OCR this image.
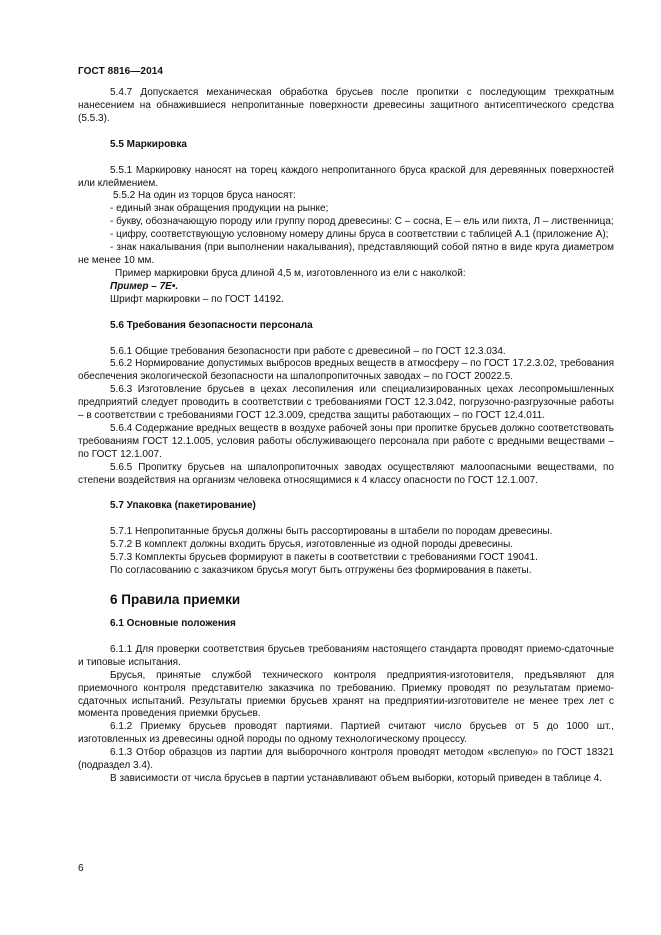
ГОСТ 8816—2014

5.4.7 Допускается механическая обработка брусьев после пропитки с последующим трехкратным нанесением на обнажившиеся непропитанные поверхности древесины защитного антисептического средства (5.5.3).

5.5 Маркировка

5.5.1 Маркировку наносят на торец каждого непропитанного бруса краской для деревянных поверхностей или клеймением.

5.5.2 На один из торцов бруса наносят:

- единый знак обращения продукции на рынке;

- букву, обозначающую породу или группу пород древесины: С – сосна, Е – ель или пихта, Л – лиственница;

- цифру, соответствующую условному номеру длины бруса в соответствии с таблицей А.1 (приложение А);

- знак накалывания (при выполнении накалывания), представляющий собой пятно в виде круга диаметром не менее 10 мм.

Пример маркировки бруса длиной 4,5 м, изготовленного из ели с наколкой:

Пример – 7Е•.

Шрифт маркировки – по ГОСТ 14192.

5.6 Требования безопасности персонала

5.6.1 Общие требования безопасности при работе с древесиной – по ГОСТ 12.3.034.

5.6.2 Нормирование допустимых выбросов вредных веществ в атмосферу – по ГОСТ 17.2.3.02, требования обеспечения экологической безопасности на шпалопропиточных заводах – по ГОСТ 20022.5.

5.6.3 Изготовление брусьев в цехах лесопиления или специализированных цехах лесопромышленных предприятий следует проводить в соответствии с требованиями ГОСТ 12.3.042, погрузочно-разгрузочные работы – в соответствии с требованиями ГОСТ 12.3.009, средства защиты работающих – по ГОСТ 12.4.011.

5.6.4 Содержание вредных веществ в воздухе рабочей зоны при пропитке брусьев должно соответствовать требованиям ГОСТ 12.1.005, условия работы обслуживающего персонала при работе с вредными веществами – по ГОСТ 12.1.007.

5.6.5 Пропитку брусьев на шпалопропиточных заводах осуществляют малоопасными веществами, по степени воздействия на организм человека относящимися к 4 классу опасности по ГОСТ 12.1.007.

5.7 Упаковка (пакетирование)

5.7.1 Непропитанные брусья должны быть рассортированы в штабели по породам древесины.

5.7.2 В комплект должны входить брусья, изготовленные из одной породы древесины.

5.7.3 Комплекты брусьев формируют в пакеты в соответствии с требованиями ГОСТ 19041.

По согласованию с заказчиком брусья могут быть отгружены без формирования в пакеты.

6 Правила приемки

6.1 Основные положения

6.1.1 Для проверки соответствия брусьев требованиям настоящего стандарта проводят приемо-сдаточные и типовые испытания.

Брусья, принятые службой технического контроля предприятия-изготовителя, предъявляют для приемочного контроля представителю заказчика по требованию. Приемку проводят по результатам приемо-сдаточных испытаний. Результаты приемки брусьев хранят на предприятии-изготовителе не менее трех лет с момента проведения приемки брусьев.

6.1.2 Приемку брусьев проводят партиями. Партией считают число брусьев от 5 до 1000 шт., изготовленных из древесины одной породы по одному технологическому процессу.

6.1.3 Отбор образцов из партии для выборочного контроля проводят методом «вслепую» по ГОСТ 18321 (подраздел 3.4).

В зависимости от числа брусьев в партии устанавливают объем выборки, который приведен в таблице 4.

6
